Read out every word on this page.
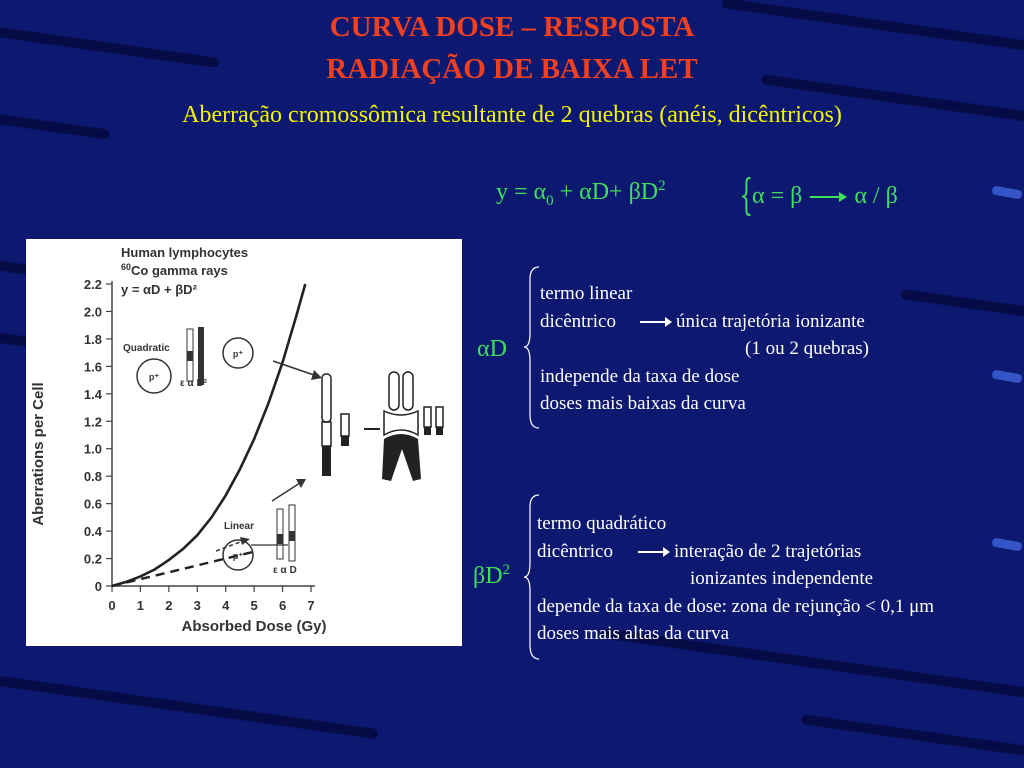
CURVA DOSE – RESPOSTA
RADIAÇÃO DE BAIXA LET
Aberração cromossômica resultante de 2 quebras (anéis, dicêntricos)
$y = \alpha_0 + \alpha D+ \beta D^2$ {
α = β α / β
0
0.2
0.4
0.6
0.8
1.0
1.2
1.4
1.6
1.8
2.0
2.2
0 1 2 3 4 5 6 7
Human lymphocytes
$^{60}$Co gamma rays
y = αD + βD²
Absorbed Dose (Gy)
Aberrations per Cell
Quadratic
p⁺
p⁺
ε α D²
Linear
p⁺
ε α D
αD
termo linear
dicêntrico	única trajetória ionizante
(1 ou 2 quebras)
independe da taxa de dose
doses mais baixas da curva
$\beta D^2$
termo quadrático
dicêntrico	interação de 2 trajetórias
ionizantes independente
depende da taxa de dose: zona de rejunção < 0,1 μm
doses mais altas da curva
